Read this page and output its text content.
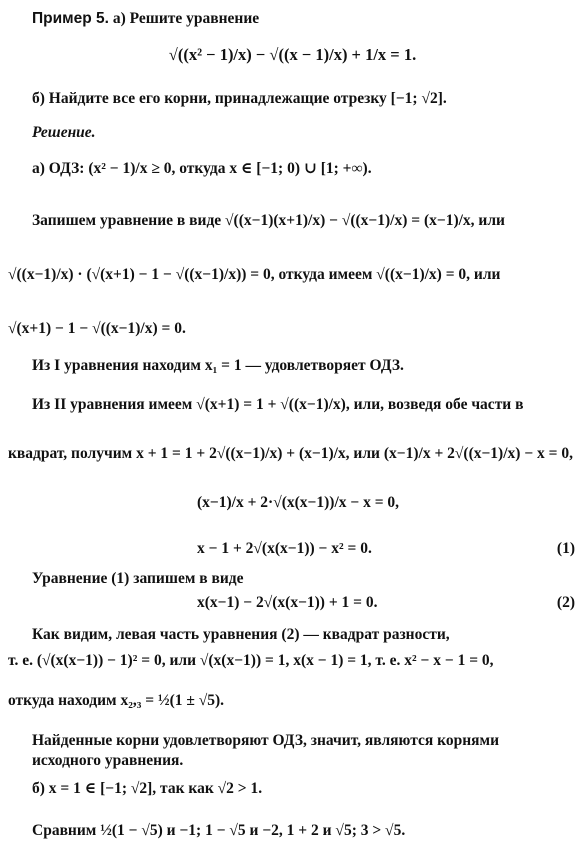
Пример 5. а) Решите уравнение
√((x² − 1)/x) − √((x − 1)/x) + 1/x = 1.
б) Найдите все его корни, принадлежащие отрезку [−1; √2].
Решение.
а) ОДЗ: (x² − 1)/x ≥ 0, откуда x ∈ [−1; 0) ∪ [1; +∞).
Запишем уравнение в виде √((x−1)(x+1)/x) − √((x−1)/x) = (x−1)/x, или
√((x−1)/x) · (√(x+1) − 1 − √((x−1)/x)) = 0, откуда имеем √((x−1)/x) = 0, или
√(x+1) − 1 − √((x−1)/x) = 0.
Из I уравнения находим x₁ = 1 — удовлетворяет ОДЗ.
Из II уравнения имеем √(x+1) = 1 + √((x−1)/x), или, возведя обе части в
квадрат, получим x + 1 = 1 + 2√((x−1)/x) + (x−1)/x, или (x−1)/x + 2√((x−1)/x) − x = 0,
(x−1)/x + 2·√(x(x−1))/x − x = 0,
x − 1 + 2√(x(x−1)) − x² = 0.	(1)
Уравнение (1) запишем в виде
x(x−1) − 2√(x(x−1)) + 1 = 0.	(2)
Как видим, левая часть уравнения (2) — квадрат разности,
т. е. (√(x(x−1)) − 1)² = 0, или √(x(x−1)) = 1, x(x − 1) = 1, т. е. x² − x − 1 = 0,
откуда находим x₂,₃ = ½(1 ± √5).
Найденные корни удовлетворяют ОДЗ, значит, являются корнями
исходного уравнения.
б) x = 1 ∈ [−1; √2], так как √2 > 1.
Сравним ½(1 − √5) и −1; 1 − √5 и −2, 1 + 2 и √5; 3 > √5.
